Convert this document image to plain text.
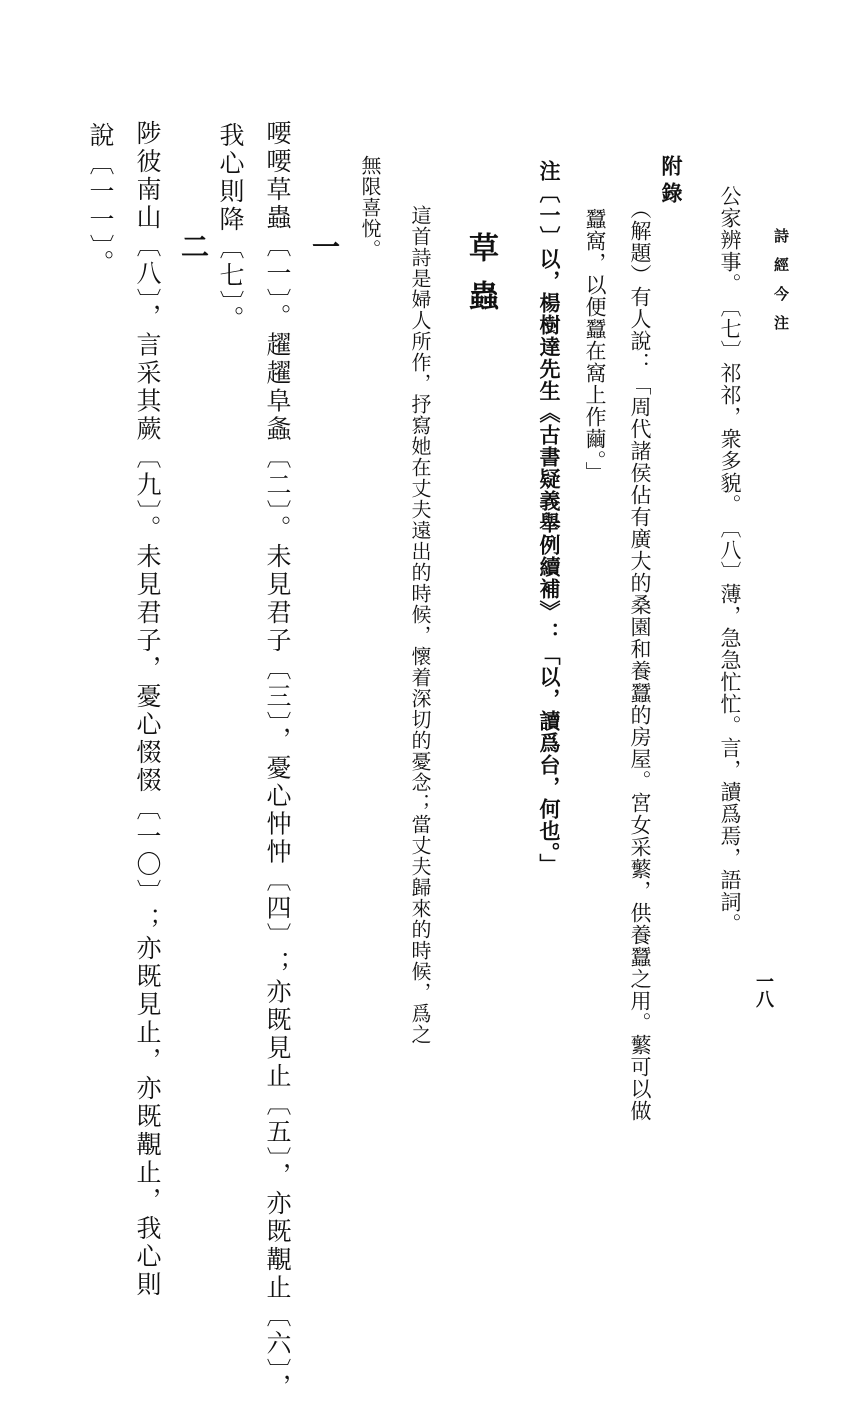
詩經今注
一八
公家辨事。　〔七〕祁祁，衆多貌。　〔八〕薄，急急忙忙。言，讀爲焉，語詞。
附錄
（解題）有人說：「周代諸侯佔有廣大的桑園和養蠶的房屋。宮女采蘩，供養蠶之用。蘩可以做
蠶窩，以便蠶在窩上作繭。」
注〔一〕以，楊樹達先生《古書疑義舉例續補》：「以，讀爲台，何也。」
草蟲
這首詩是婦人所作，抒寫她在丈夫遠出的時候，懷着深切的憂念；當丈夫歸來的時候，爲之
無限喜悅。
一
喓喓草蟲〔一〕。趯趯阜螽〔二〕。未見君子〔三〕，憂心忡忡〔四〕；亦既見止〔五〕，亦既覯止〔六〕，
我心則降〔七〕。
二
陟彼南山〔八〕，言采其蕨〔九〕。未見君子，憂心惙惙〔一〇〕；亦既見止，亦既覯止，我心則
說〔一一〕。
